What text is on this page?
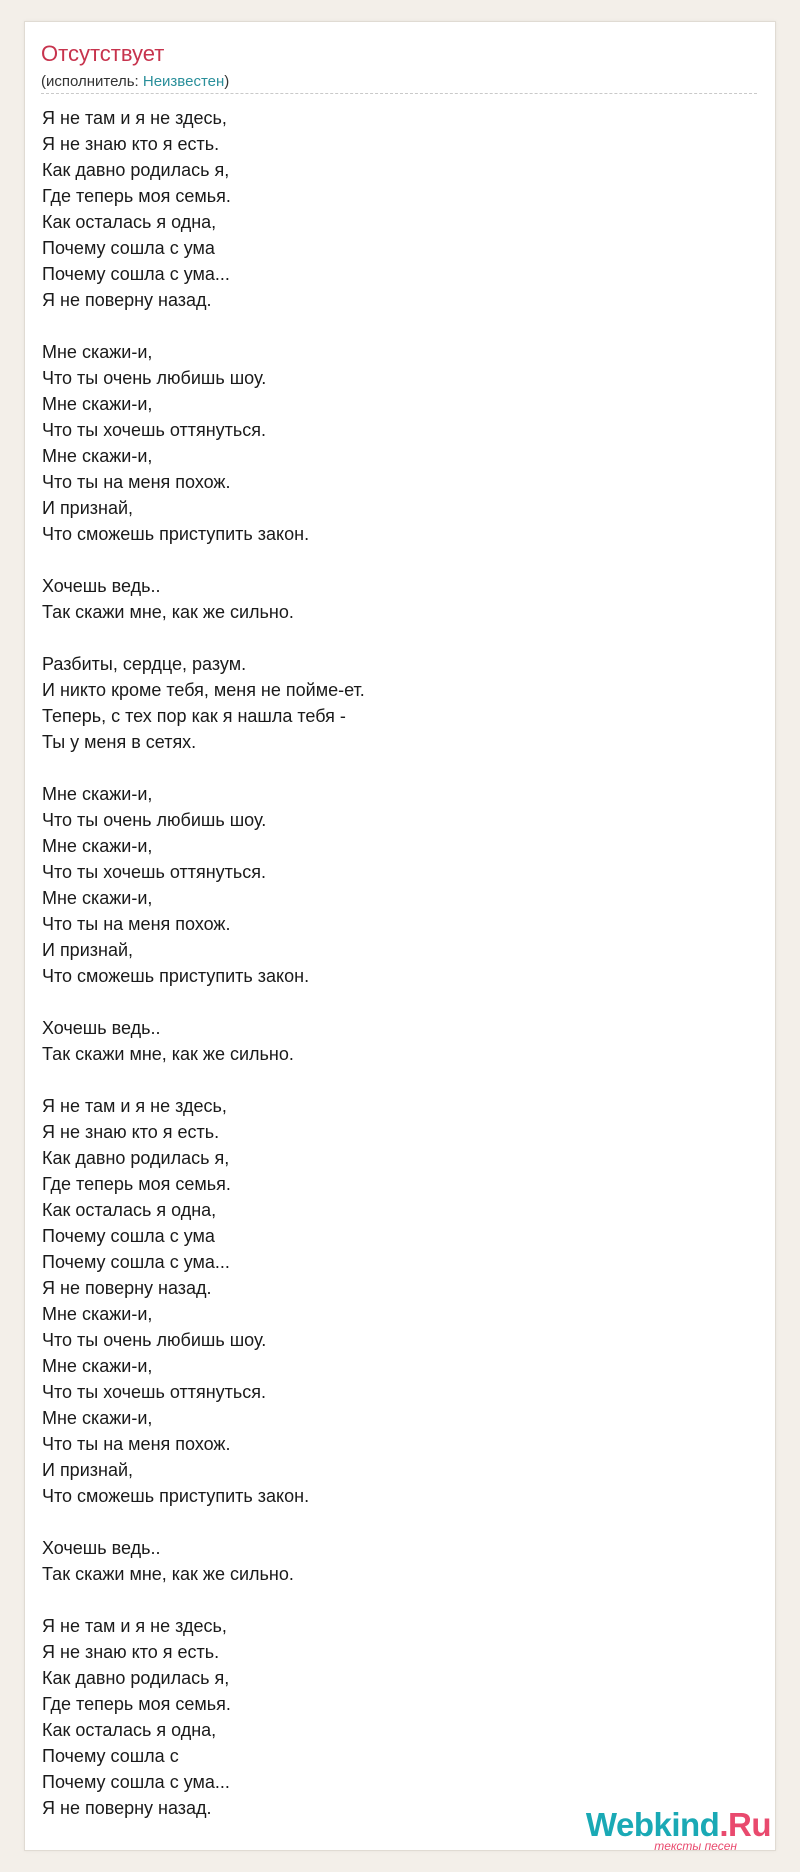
Отсутствует
(исполнитель: Неизвестен)
Я не там и я не здесь,
Я не знаю кто я есть.
Как давно родилась я,
Где теперь моя семья.
Как осталась я одна,
Почему сошла с ума
Почему сошла с ума...
Я не поверну назад.
Мне скажи-и,
Что ты очень любишь шоу.
Мне скажи-и,
Что ты хочешь оттянуться.
Мне скажи-и,
Что ты на меня похож.
И признай,
Что сможешь приступить закон.
Хочешь ведь..
Так скажи мне, как же сильно.
Разбиты, сердце, разум.
И никто кроме тебя, меня не пойме-ет.
Теперь, с тех пор как я нашла тебя -
Ты у меня в сетях.
Мне скажи-и,
Что ты очень любишь шоу.
Мне скажи-и,
Что ты хочешь оттянуться.
Мне скажи-и,
Что ты на меня похож.
И признай,
Что сможешь приступить закон.
Хочешь ведь..
Так скажи мне, как же сильно.
Я не там и я не здесь,
Я не знаю кто я есть.
Как давно родилась я,
Где теперь моя семья.
Как осталась я одна,
Почему сошла с ума
Почему сошла с ума...
Я не поверну назад.
Мне скажи-и,
Что ты очень любишь шоу.
Мне скажи-и,
Что ты хочешь оттянуться.
Мне скажи-и,
Что ты на меня похож.
И признай,
Что сможешь приступить закон.
Хочешь ведь..
Так скажи мне, как же сильно.
Я не там и я не здесь,
Я не знаю кто я есть.
Как давно родилась я,
Где теперь моя семья.
Как осталась я одна,
Почему сошла с
Почему сошла с ума...
Я не поверну назад.	Webkind.Ru
тексты песен
